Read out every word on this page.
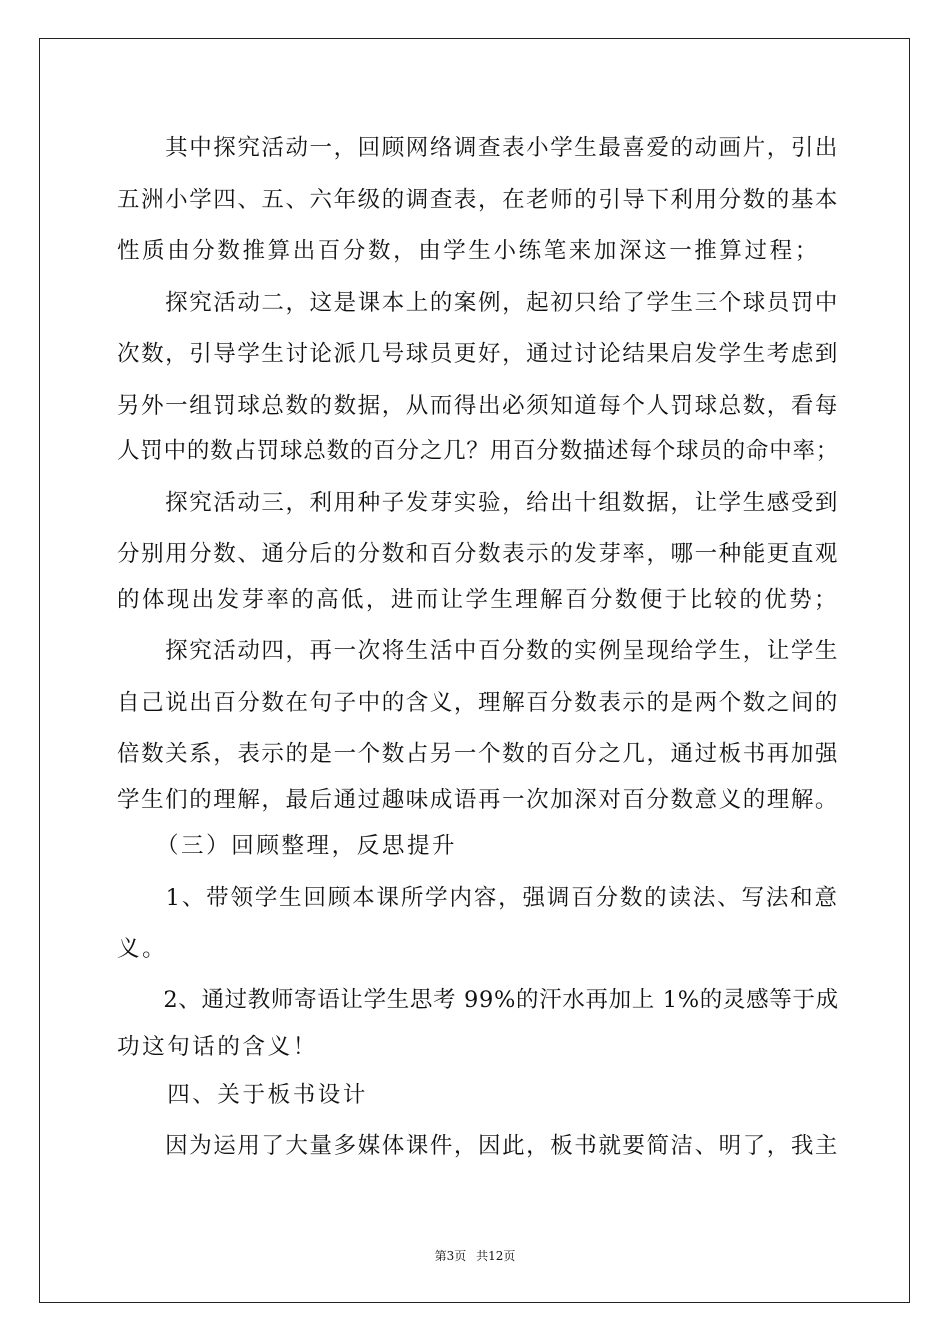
　　其中探究活动一，回顾网络调查表小学生最喜爱的动画片，引出
五洲小学四、五、六年级的调查表，在老师的引导下利用分数的基本
性质由分数推算出百分数，由学生小练笔来加深这一推算过程；
　　探究活动二，这是课本上的案例，起初只给了学生三个球员罚中
次数，引导学生讨论派几号球员更好，通过讨论结果启发学生考虑到
另外一组罚球总数的数据，从而得出必须知道每个人罚球总数，看每
人罚中的数占罚球总数的百分之几？用百分数描述每个球员的命中率；
　　探究活动三，利用种子发芽实验，给出十组数据，让学生感受到
分别用分数、通分后的分数和百分数表示的发芽率，哪一种能更直观
的体现出发芽率的高低，进而让学生理解百分数便于比较的优势；
　　探究活动四，再一次将生活中百分数的实例呈现给学生，让学生
自己说出百分数在句子中的含义，理解百分数表示的是两个数之间的
倍数关系，表示的是一个数占另一个数的百分之几，通过板书再加强
学生们的理解，最后通过趣味成语再一次加深对百分数意义的理解。
　　（三）回顾整理，反思提升
　　1、带领学生回顾本课所学内容，强调百分数的读法、写法和意
义。
　　2、通过教师寄语让学生思考 99%的汗水再加上 1%的灵感等于成
功这句话的含义！
　　四、关于板书设计
　　因为运用了大量多媒体课件，因此，板书就要简洁、明了，我主
第3页 共12页
